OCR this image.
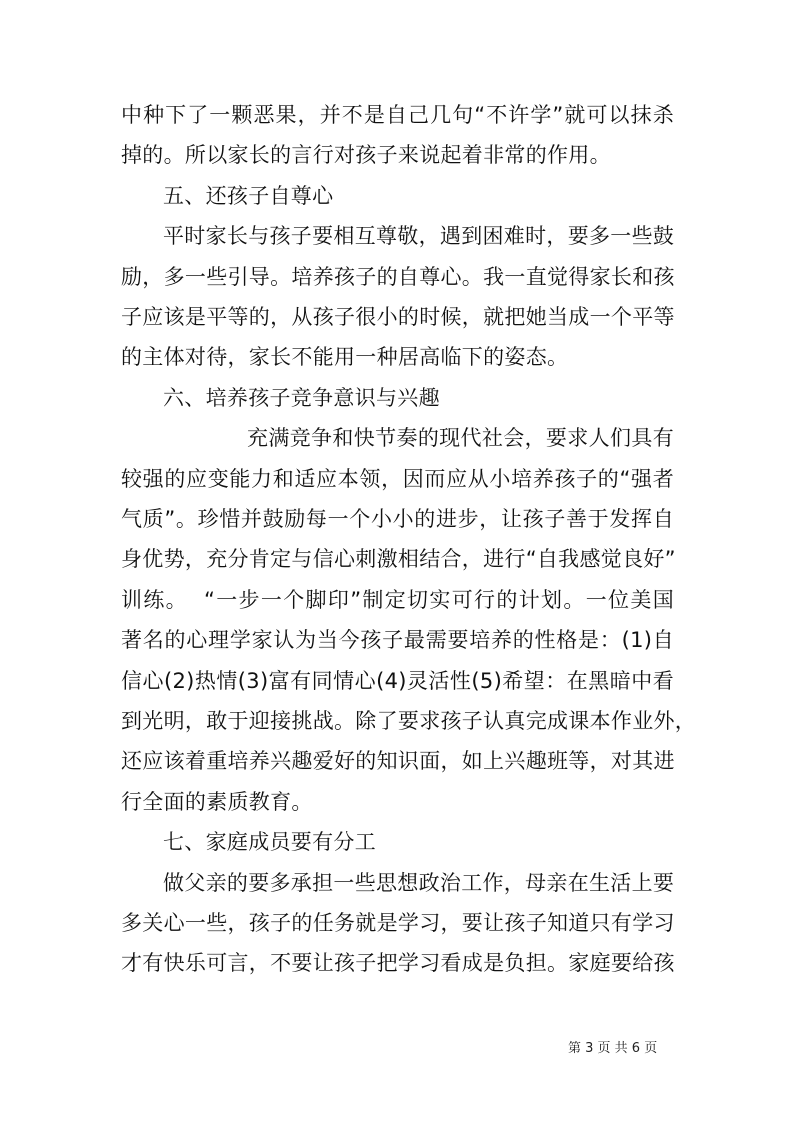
中种下了一颗恶果，并不是自己几句“不许学”就可以抹杀
掉的。所以家长的言行对孩子来说起着非常的作用。
五、还孩子自尊心
平时家长与孩子要相互尊敬，遇到困难时，要多一些鼓
励，多一些引导。培养孩子的自尊心。我一直觉得家长和孩
子应该是平等的，从孩子很小的时候，就把她当成一个平等
的主体对待，家长不能用一种居高临下的姿态。
六、培养孩子竞争意识与兴趣
充满竞争和快节奏的现代社会，要求人们具有
较强的应变能力和适应本领，因而应从小培养孩子的“强者
气质”。珍惜并鼓励每一个小小的进步，让孩子善于发挥自
身优势，充分肯定与信心刺激相结合，进行“自我感觉良好”
训练。  “一步一个脚印”制定切实可行的计划。一位美国
著名的心理学家认为当今孩子最需要培养的性格是：(1)自
信心(2)热情(3)富有同情心(4)灵活性(5)希望：在黑暗中看
到光明，敢于迎接挑战。除了要求孩子认真完成课本作业外，
还应该着重培养兴趣爱好的知识面，如上兴趣班等，对其进
行全面的素质教育。
七、家庭成员要有分工
做父亲的要多承担一些思想政治工作，母亲在生活上要
多关心一些，孩子的任务就是学习，要让孩子知道只有学习
才有快乐可言，不要让孩子把学习看成是负担。家庭要给孩
第 3 页 共 6 页
